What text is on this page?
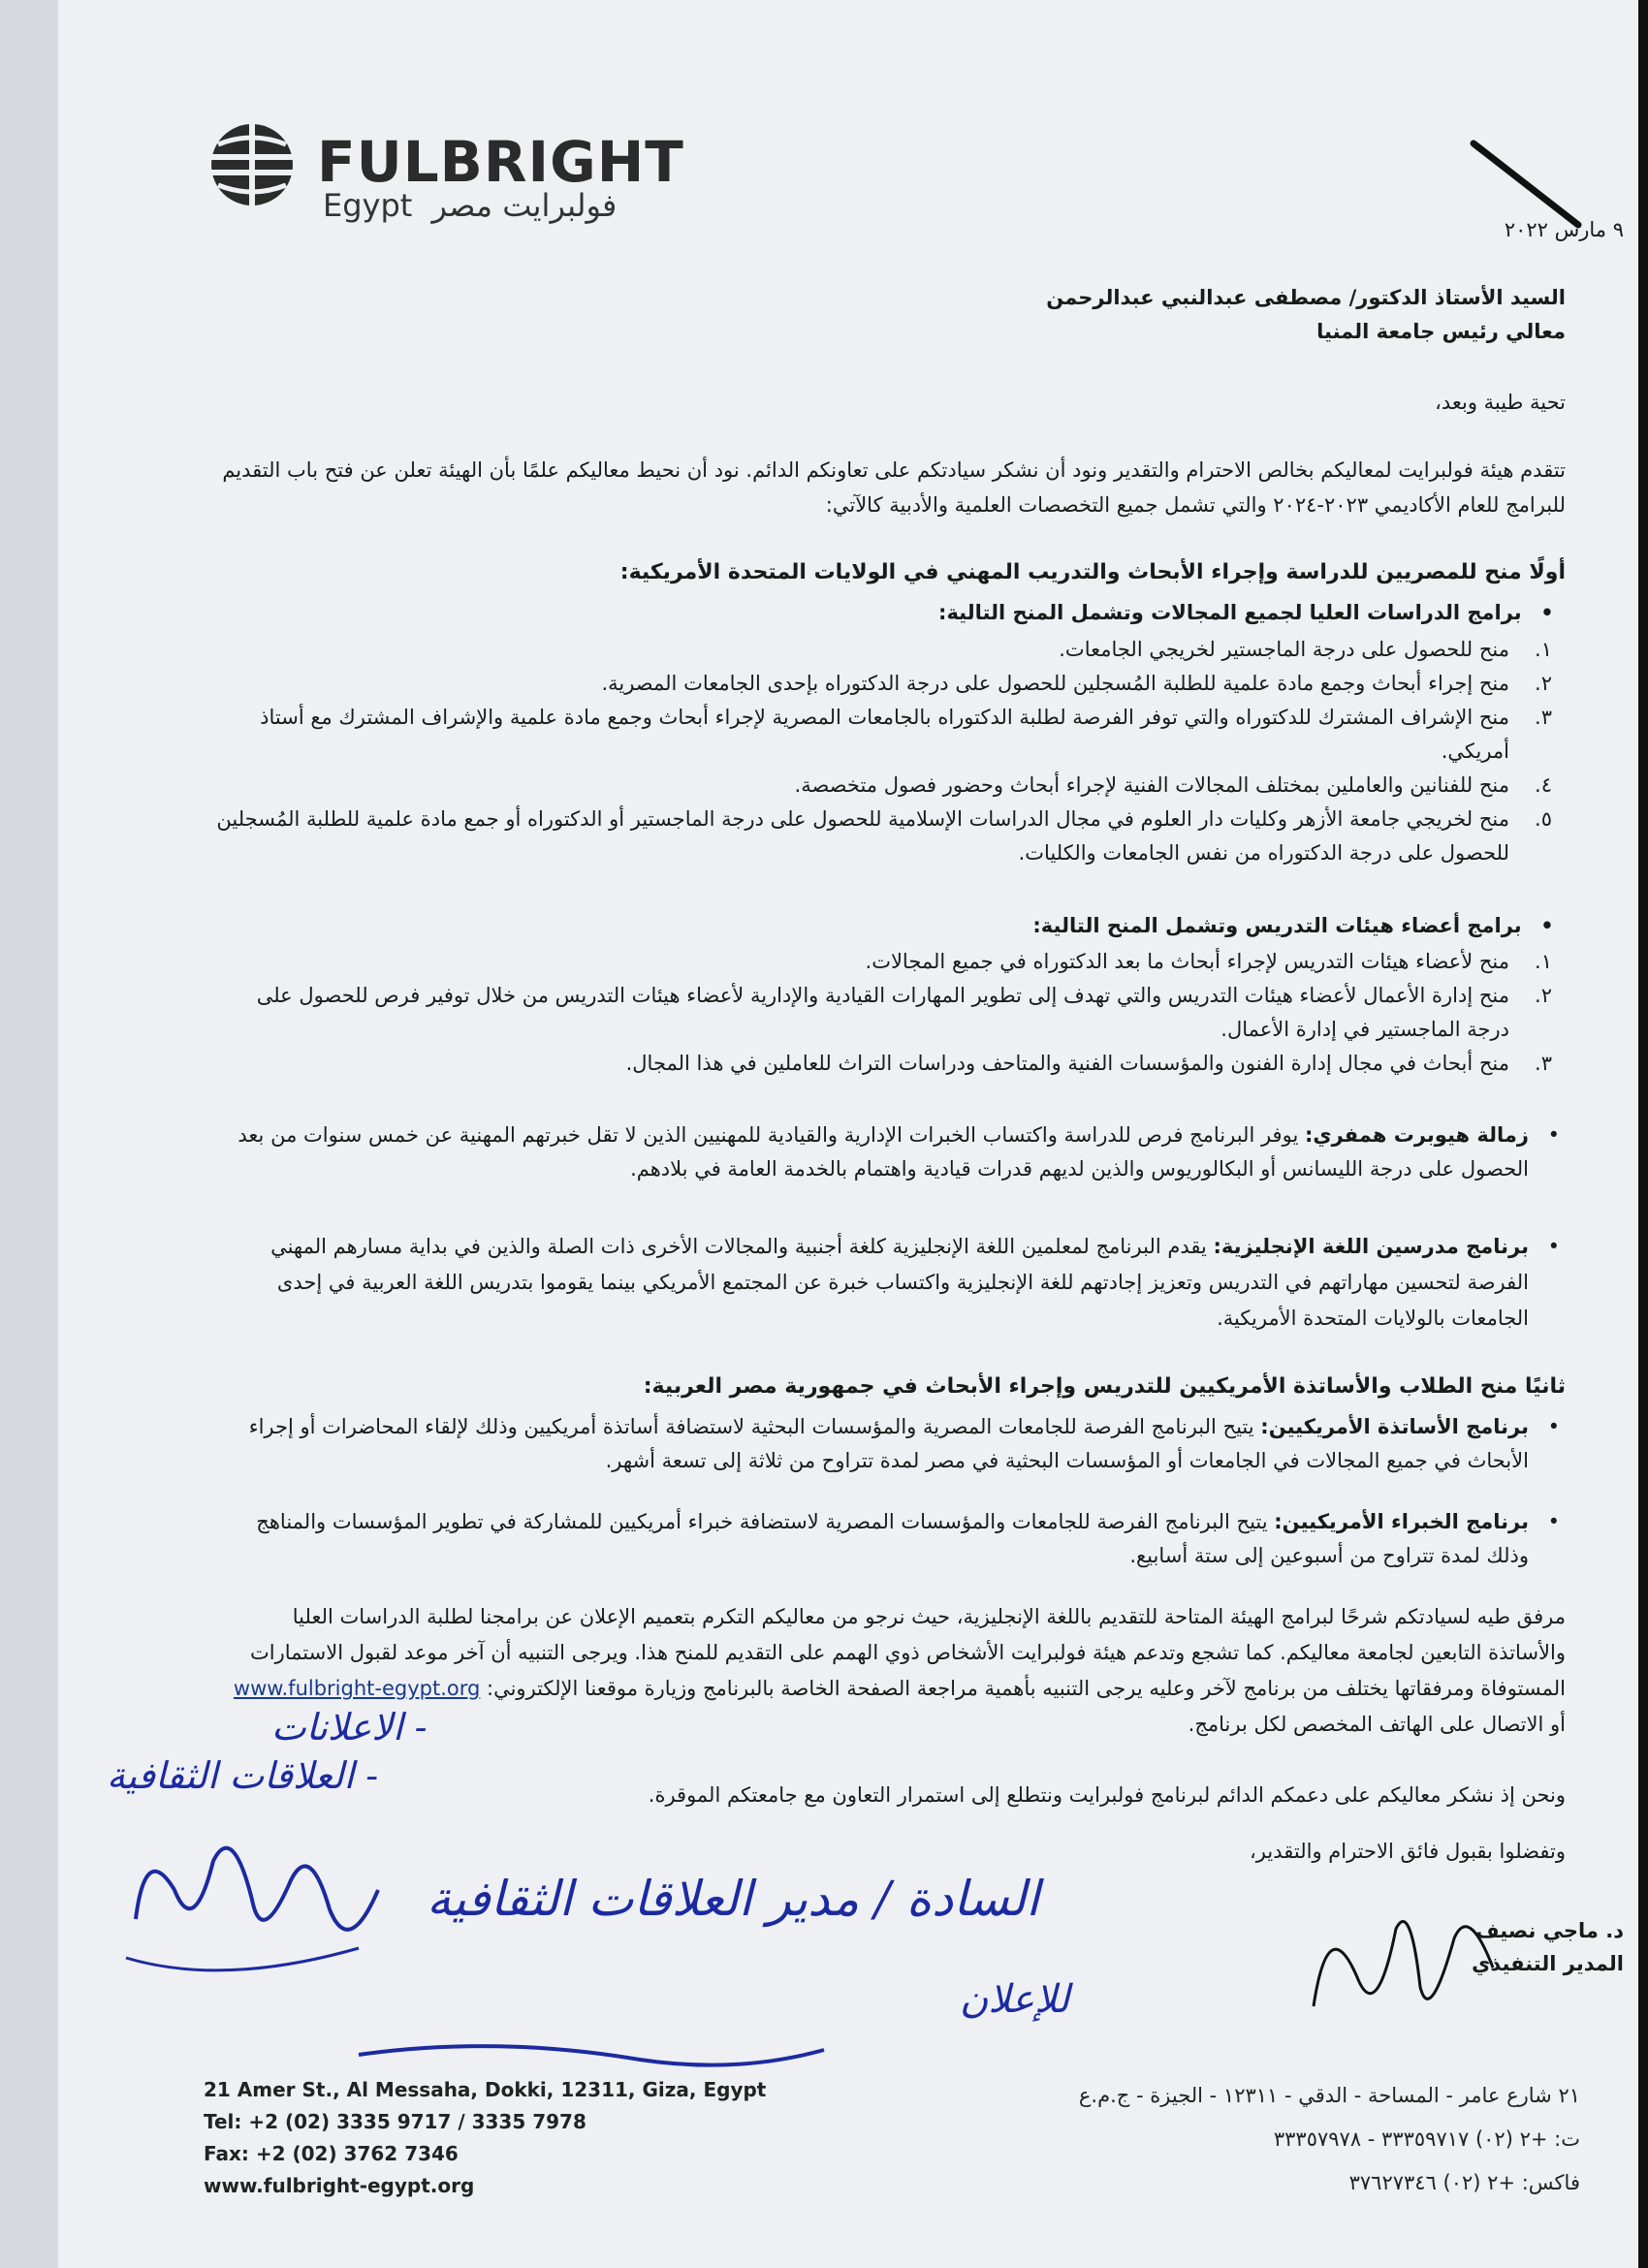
FULBRIGHT
Egypt فولبرايت مصر
٩ مارس ٢٠٢٢

السيد الأستاذ الدكتور/ مصطفى عبدالنبي عبدالرحمن

معالي رئيس جامعة المنيا

تحية طيبة وبعد،

تتقدم هيئة فولبرايت لمعاليكم بخالص الاحترام والتقدير ونود أن نشكر سيادتكم على تعاونكم الدائم. نود أن نحيط معاليكم علمًا بأن الهيئة تعلن عن فتح باب التقديم للبرامج للعام الأكاديمي ٢٠٢٣-٢٠٢٤ والتي تشمل جميع التخصصات العلمية والأدبية كالآتي:

أولًا منح للمصريين للدراسة وإجراء الأبحاث والتدريب المهني في الولايات المتحدة الأمريكية:

• برامج الدراسات العليا لجميع المجالات وتشمل المنح التالية:
١.
منح للحصول على درجة الماجستير لخريجي الجامعات.
٢.
منح إجراء أبحاث وجمع مادة علمية للطلبة المُسجلين للحصول على درجة الدكتوراه بإحدى الجامعات المصرية.
٣.
منح الإشراف المشترك للدكتوراه والتي توفر الفرصة لطلبة الدكتوراه بالجامعات المصرية لإجراء أبحاث وجمع مادة علمية والإشراف المشترك مع أستاذ أمريكي.
٤.
منح للفنانين والعاملين بمختلف المجالات الفنية لإجراء أبحاث وحضور فصول متخصصة.
٥.
منح لخريجي جامعة الأزهر وكليات دار العلوم في مجال الدراسات الإسلامية للحصول على درجة الماجستير أو الدكتوراه أو جمع مادة علمية للطلبة المُسجلين للحصول على درجة الدكتوراه من نفس الجامعات والكليات.
• برامج أعضاء هيئات التدريس وتشمل المنح التالية:
١.
منح لأعضاء هيئات التدريس لإجراء أبحاث ما بعد الدكتوراه في جميع المجالات.
٢.
منح إدارة الأعمال لأعضاء هيئات التدريس والتي تهدف إلى تطوير المهارات القيادية والإدارية لأعضاء هيئات التدريس من خلال توفير فرص للحصول على درجة الماجستير في إدارة الأعمال.
٣.
منح أبحاث في مجال إدارة الفنون والمؤسسات الفنية والمتاحف ودراسات التراث للعاملين في هذا المجال.
•
زمالة هيوبرت همفري: يوفر البرنامج فرص للدراسة واكتساب الخبرات الإدارية والقيادية للمهنيين الذين لا تقل خبرتهم المهنية عن خمس سنوات من بعد الحصول على درجة الليسانس أو البكالوريوس والذين لديهم قدرات قيادية واهتمام بالخدمة العامة في بلادهم.
•
برنامج مدرسين اللغة الإنجليزية: يقدم البرنامج لمعلمين اللغة الإنجليزية كلغة أجنبية والمجالات الأخرى ذات الصلة والذين في بداية مسارهم المهني الفرصة لتحسين مهاراتهم في التدريس وتعزيز إجادتهم للغة الإنجليزية واكتساب خبرة عن المجتمع الأمريكي بينما يقوموا بتدريس اللغة العربية في إحدى الجامعات بالولايات المتحدة الأمريكية.

ثانيًا منح الطلاب والأساتذة الأمريكيين للتدريس وإجراء الأبحاث في جمهورية مصر العربية:

•
برنامج الأساتذة الأمريكيين: يتيح البرنامج الفرصة للجامعات المصرية والمؤسسات البحثية لاستضافة أساتذة أمريكيين وذلك لإلقاء المحاضرات أو إجراء الأبحاث في جميع المجالات في الجامعات أو المؤسسات البحثية في مصر لمدة تتراوح من ثلاثة إلى تسعة أشهر.
•
برنامج الخبراء الأمريكيين: يتيح البرنامج الفرصة للجامعات والمؤسسات المصرية لاستضافة خبراء أمريكيين للمشاركة في تطوير المؤسسات والمناهج وذلك لمدة تتراوح من أسبوعين إلى ستة أسابيع.

مرفق طيه لسيادتكم شرحًا لبرامج الهيئة المتاحة للتقديم باللغة الإنجليزية، حيث نرجو من معاليكم التكرم بتعميم الإعلان عن برامجنا لطلبة الدراسات العليا والأساتذة التابعين لجامعة معاليكم. كما تشجع وتدعم هيئة فولبرايت الأشخاص ذوي الهمم على التقديم للمنح هذا. ويرجى التنبيه أن آخر موعد لقبول الاستمارات المستوفاة ومرفقاتها يختلف من برنامج لآخر وعليه يرجى التنبيه بأهمية مراجعة الصفحة الخاصة بالبرنامج وزيارة موقعنا الإلكتروني: www.fulbright-egypt.org أو الاتصال على الهاتف المخصص لكل برنامج.

ونحن إذ نشكر معاليكم على دعمكم الدائم لبرنامج فولبرايت ونتطلع إلى استمرار التعاون مع جامعتكم الموقرة.

وتفضلوا بقبول فائق الاحترام والتقدير،

- الاعلانات
- العلاقات الثقافية
السادة / مدير العلاقات الثقافية
للإعلان
د. ماجي نصيف
المدير التنفيذي
21 Amer St., Al Messaha, Dokki, 12311, Giza, Egypt
Tel: +2 (02) 3335 9717 / 3335 7978
Fax: +2 (02) 3762 7346
www.fulbright-egypt.org
٢١ شارع عامر - المساحة - الدقي - ١٢٣١١ - الجيزة - ج.م.ع
ت: +٢ (٠٢) ٣٣٣٥٩٧١٧ - ٣٣٣٥٧٩٧٨
فاكس: +٢ (٠٢) ٣٧٦٢٧٣٤٦
